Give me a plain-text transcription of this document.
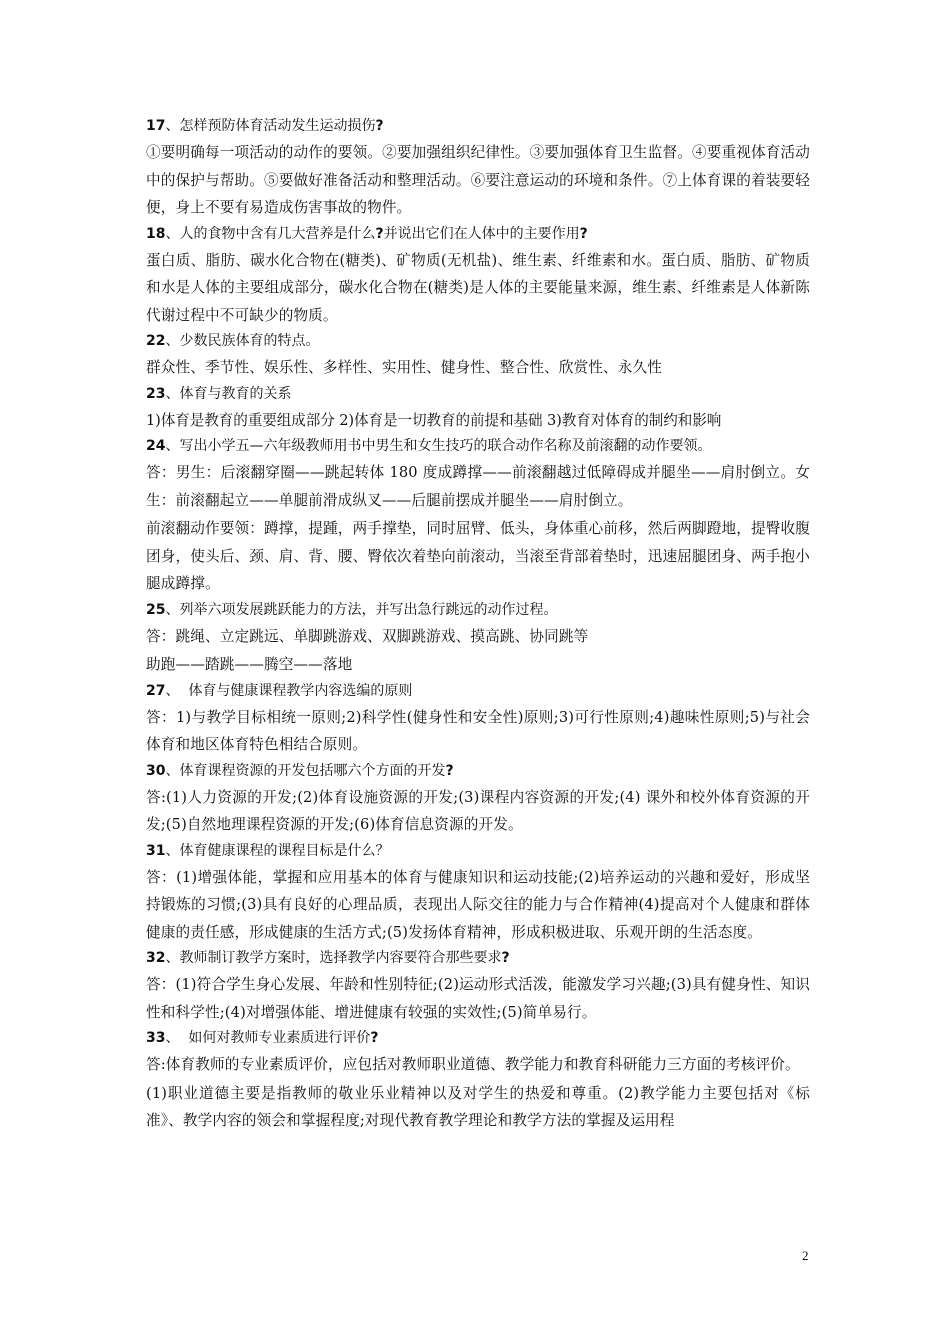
17、怎样预防体育活动发生运动损伤?

①要明确每一项活动的动作的要领。②要加强组织纪律性。③要加强体育卫生监督。④要重视体育活动中的保护与帮助。⑤要做好准备活动和整理活动。⑥要注意运动的环境和条件。⑦上体育课的着装要轻便，身上不要有易造成伤害事故的物件。

18、人的食物中含有几大营养是什么?并说出它们在人体中的主要作用?

蛋白质、脂肪、碳水化合物在(糖类)、矿物质(无机盐)、维生素、纤维素和水。蛋白质、脂肪、矿物质和水是人体的主要组成部分，碳水化合物在(糖类)是人体的主要能量来源，维生素、纤维素是人体新陈代谢过程中不可缺少的物质。

22、少数民族体育的特点。

群众性、季节性、娱乐性、多样性、实用性、健身性、整合性、欣赏性、永久性

23、体育与教育的关系

1)体育是教育的重要组成部分 2)体育是一切教育的前提和基础 3)教育对体育的制约和影响

24、写出小学五—六年级教师用书中男生和女生技巧的联合动作名称及前滚翻的动作要领。

答：男生：后滚翻穿圈——跳起转体 180 度成蹲撑——前滚翻越过低障碍成并腿坐——肩肘倒立。女生：前滚翻起立——单腿前滑成纵叉——后腿前摆成并腿坐——肩肘倒立。

前滚翻动作要领：蹲撑，提踵，两手撑垫，同时屈臂、低头，身体重心前移，然后两脚蹬地，提臀收腹团身，使头后、颈、肩、背、腰、臀依次着垫向前滚动，当滚至背部着垫时，迅速屈腿团身、两手抱小腿成蹲撑。

25、列举六项发展跳跃能力的方法，并写出急行跳远的动作过程。

答：跳绳、立定跳远、单脚跳游戏、双脚跳游戏、摸高跳、协同跳等

助跑——踏跳——腾空——落地

27、  体育与健康课程教学内容选编的原则

答：1)与教学目标相统一原则;2)科学性(健身性和安全性)原则;3)可行性原则;4)趣味性原则;5)与社会体育和地区体育特色相结合原则。

30、体育课程资源的开发包括哪六个方面的开发?

答:(1)人力资源的开发;(2)体育设施资源的开发;(3)课程内容资源的开发;(4) 课外和校外体育资源的开发;(5)自然地理课程资源的开发;(6)体育信息资源的开发。

31、体育健康课程的课程目标是什么？

答：(1)增强体能，掌握和应用基本的体育与健康知识和运动技能;(2)培养运动的兴趣和爱好，形成坚持锻炼的习惯;(3)具有良好的心理品质，表现出人际交往的能力与合作精神(4)提高对个人健康和群体健康的责任感，形成健康的生活方式;(5)发扬体育精神，形成积极进取、乐观开朗的生活态度。

32、教师制订教学方案时，选择教学内容要符合那些要求?

答：(1)符合学生身心发展、年龄和性别特征;(2)运动形式活泼，能激发学习兴趣;(3)具有健身性、知识性和科学性;(4)对增强体能、增进健康有较强的实效性;(5)简单易行。

33、  如何对教师专业素质进行评价?

答:体育教师的专业素质评价，应包括对教师职业道德、教学能力和教育科研能力三方面的考核评价。

(1)职业道德主要是指教师的敬业乐业精神以及对学生的热爱和尊重。(2)教学能力主要包括对《标准》、教学内容的领会和掌握程度;对现代教育教学理论和教学方法的掌握及运用程

2
